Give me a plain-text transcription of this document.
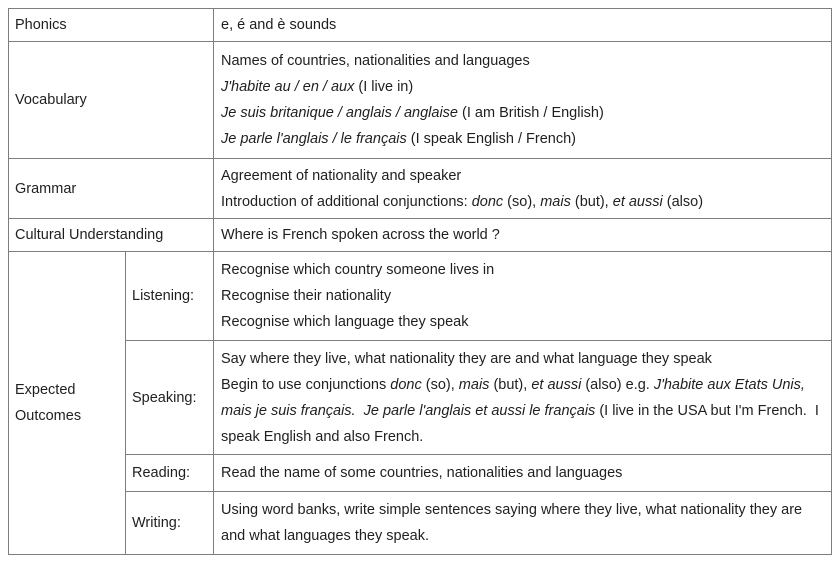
Phonics		e, é and è sounds

Vocabulary		Names of countries, nationalities and languages
J'habite au / en / aux (I live in)
Je suis britanique / anglais / anglaise (I am British / English)
Je parle l'anglais / le français (I speak English / French)

Grammar		Agreement of nationality and speaker
Introduction of additional conjunctions: donc (so), mais (but), et aussi (also)

Cultural Understanding		Where is French spoken across the world ?

Expected Outcomes	Listening:	Recognise which country someone lives in
Recognise their nationality
Recognise which language they speak

	Speaking:	Say where they live, what nationality they are and what language they speak
Begin to use conjunctions donc (so), mais (but), et aussi (also) e.g. J'habite aux Etats Unis, mais je suis français.  Je parle l'anglais et aussi le français (I live in the USA but I'm French.  I speak English and also French.

	Reading:	Read the name of some countries, nationalities and languages

	Writing:	Using word banks, write simple sentences saying where they live, what nationality they are and what languages they speak.
